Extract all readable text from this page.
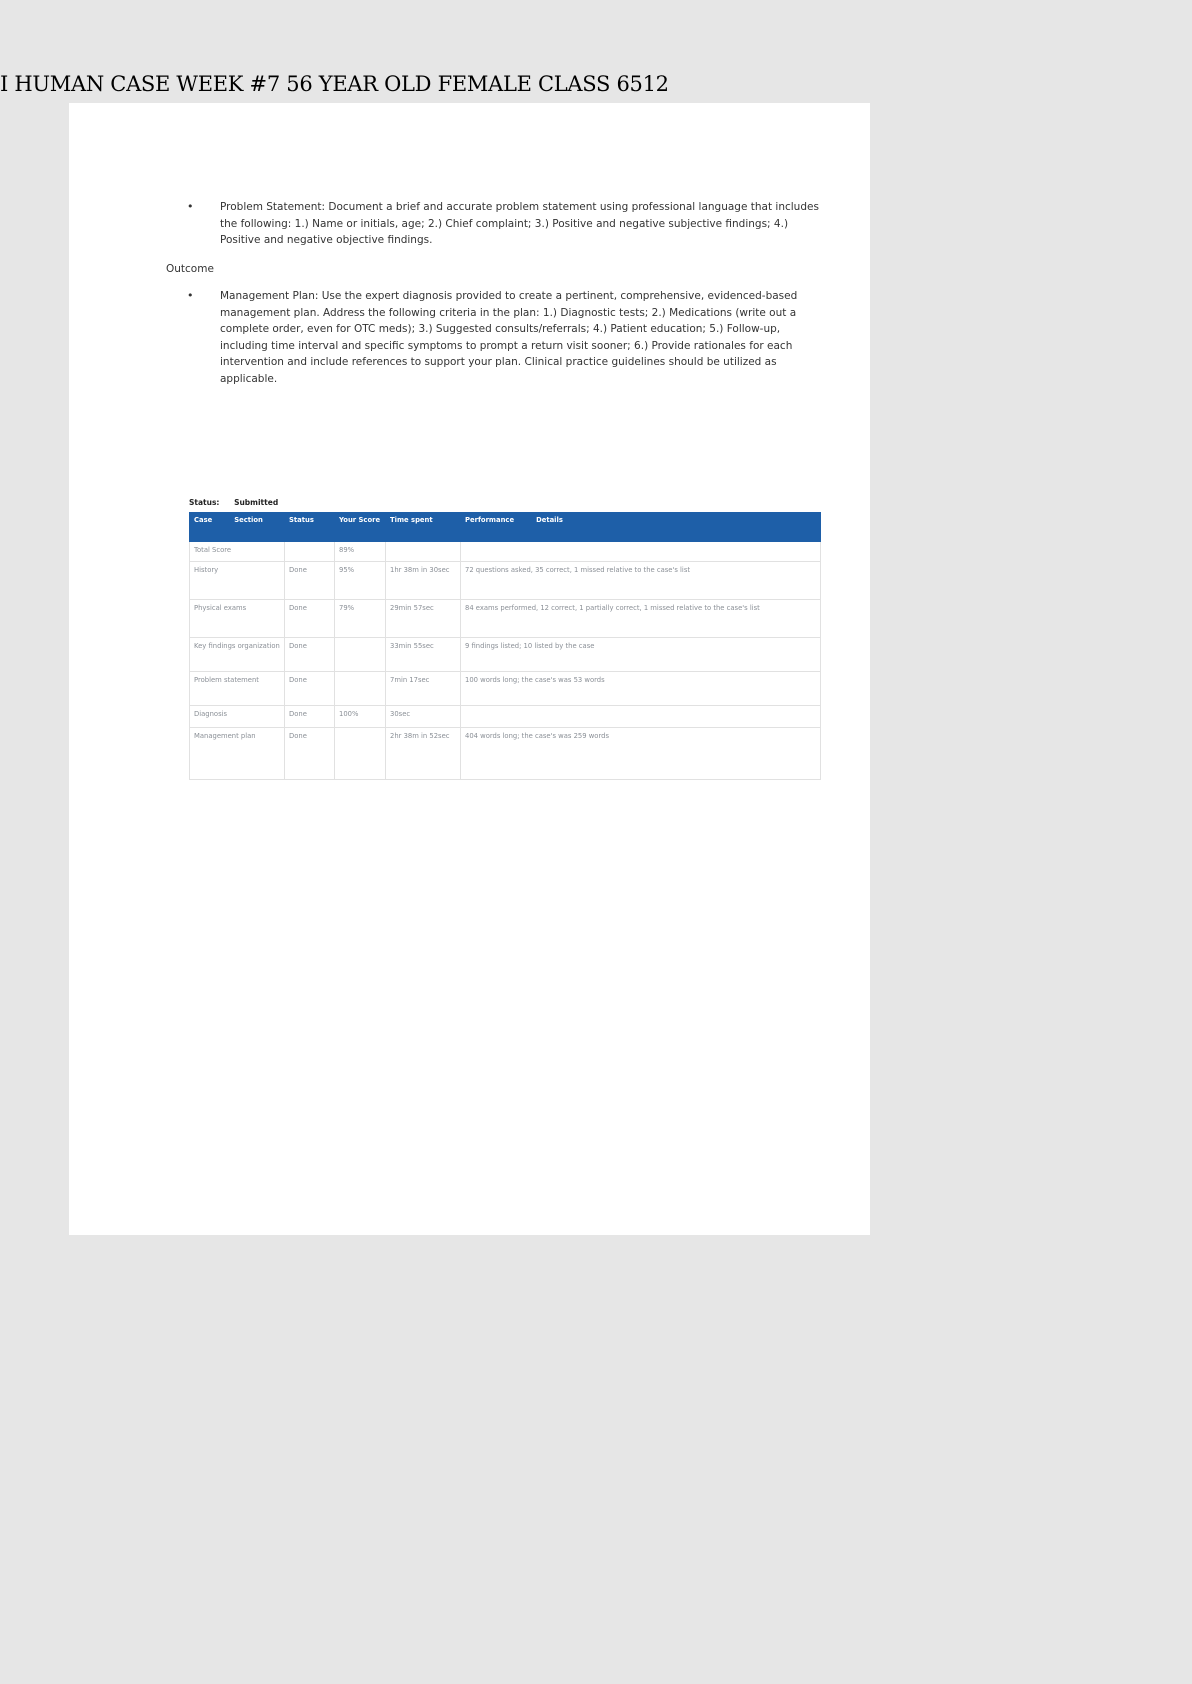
I HUMAN CASE WEEK #7 56 YEAR OLD FEMALE CLASS 6512
•	Problem Statement: Document a brief and accurate problem statement using professional language that includes the following: 1.) Name or initials, age; 2.) Chief complaint; 3.) Positive and negative subjective findings; 4.) Positive and negative objective findings.
Outcome
•	Management Plan: Use the expert diagnosis provided to create a pertinent, comprehensive, evidenced-based management plan. Address the following criteria in the plan: 1.) Diagnostic tests; 2.) Medications (write out a complete order, even for OTC meds); 3.) Suggested consults/referrals; 4.) Patient education; 5.) Follow-up, including time interval and specific symptoms to prompt a return visit sooner; 6.) Provide rationales for each intervention and include references to support your plan. Clinical practice guidelines should be utilized as applicable.
Status: Submitted
Case Section	Status	Your Score	Time spent	Performance Details
Total Score		89%		
History	Done	95%	1hr 38m in 30sec	72 questions asked, 35 correct, 1 missed relative to the case's list
Physical exams	Done	79%	29min 57sec	84 exams performed, 12 correct, 1 partially correct, 1 missed relative to the case's list
Key findings organization	Done		33min 55sec	9 findings listed; 10 listed by the case
Problem statement	Done		7min 17sec	100 words long; the case's was 53 words
Diagnosis	Done	100%	30sec	
Management plan	Done		2hr 38m in 52sec	404 words long; the case's was 259 words
